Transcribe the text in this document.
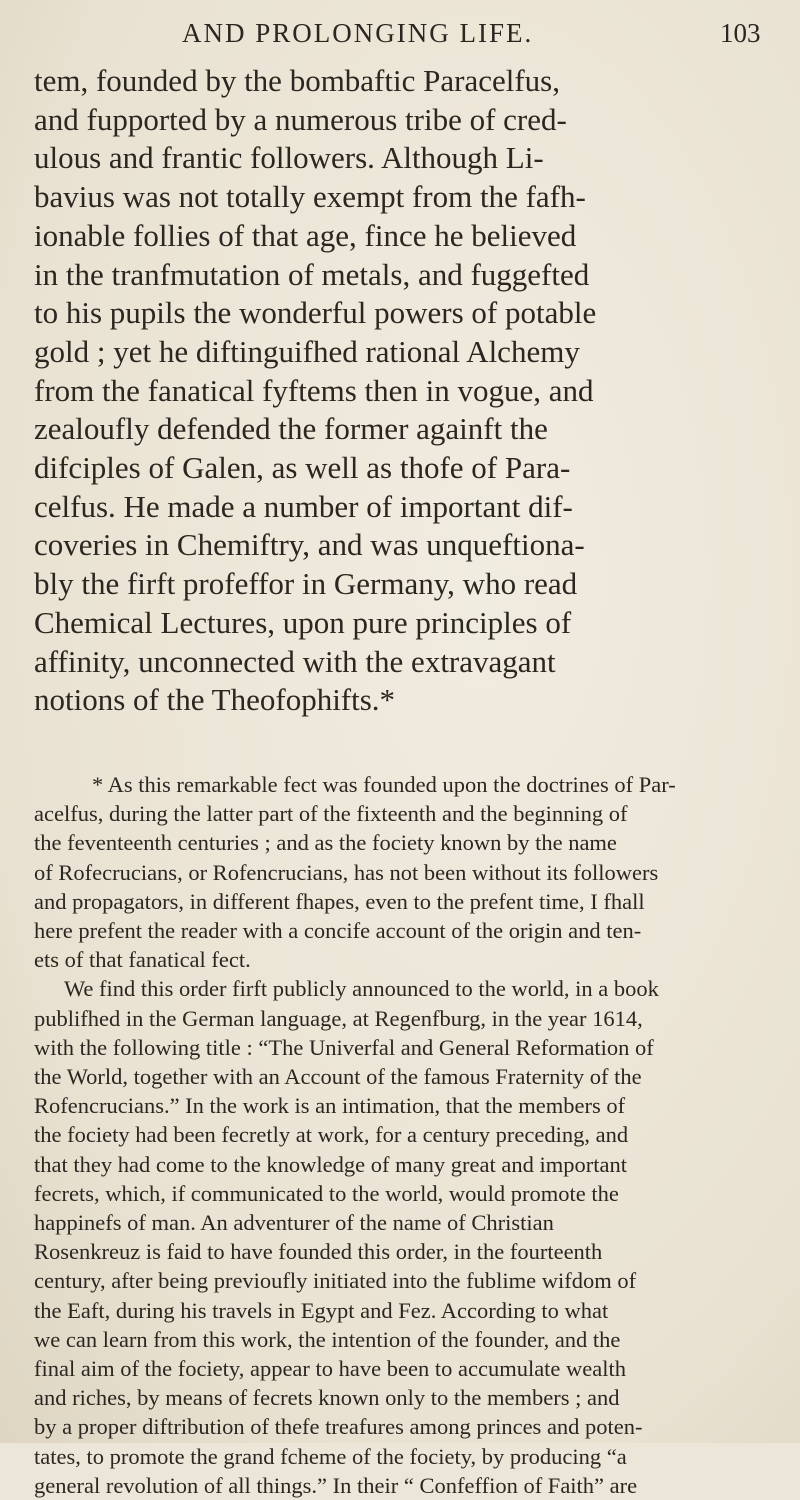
AND PROLONGING LIFE.	103
tem, founded by the bombaftic Paracelfus,
and fupported by a numerous tribe of cred-
ulous and frantic followers. Although Li-
bavius was not totally exempt from the fafh-
ionable follies of that age, fince he believed
in the tranfmutation of metals, and fuggefted
to his pupils the wonderful powers of potable
gold ; yet he diftinguifhed rational Alchemy
from the fanatical fyftems then in vogue, and
zealoufly defended the former againft the
difciples of Galen, as well as thofe of Para-
celfus. He made a number of important dif-
coveries in Chemiftry, and was unqueftiona-
bly the firft profeffor in Germany, who read
Chemical Lectures, upon pure principles of
affinity, unconnected with the extravagant
notions of the Theofophifts.*
* As this remarkable fect was founded upon the doctrines of Par-
acelfus, during the latter part of the fixteenth and the beginning of
the feventeenth centuries ; and as the fociety known by the name
of Rofecrucians, or Rofencrucians, has not been without its followers
and propagators, in different fhapes, even to the prefent time, I fhall
here prefent the reader with a concife account of the origin and ten-
ets of that fanatical fect.
We find this order firft publicly announced to the world, in a book
publifhed in the German language, at Regenfburg, in the year 1614,
with the following title : “The Univerfal and General Reformation of
the World, together with an Account of the famous Fraternity of the
Rofencrucians.” In the work is an intimation, that the members of
the fociety had been fecretly at work, for a century preceding, and
that they had come to the knowledge of many great and important
fecrets, which, if communicated to the world, would promote the
happinefs of man. An adventurer of the name of Christian
Rosenkreuz is faid to have founded this order, in the fourteenth
century, after being previoufly initiated into the fublime wifdom of
the Eaft, during his travels in Egypt and Fez. According to what
we can learn from this work, the intention of the founder, and the
final aim of the fociety, appear to have been to accumulate wealth
and riches, by means of fecrets known only to the members ; and
by a proper diftribution of thefe treafures among princes and poten-
tates, to promote the grand fcheme of the fociety, by producing “a
general revolution of all things.” In their “ Confeffion of Faith” are
